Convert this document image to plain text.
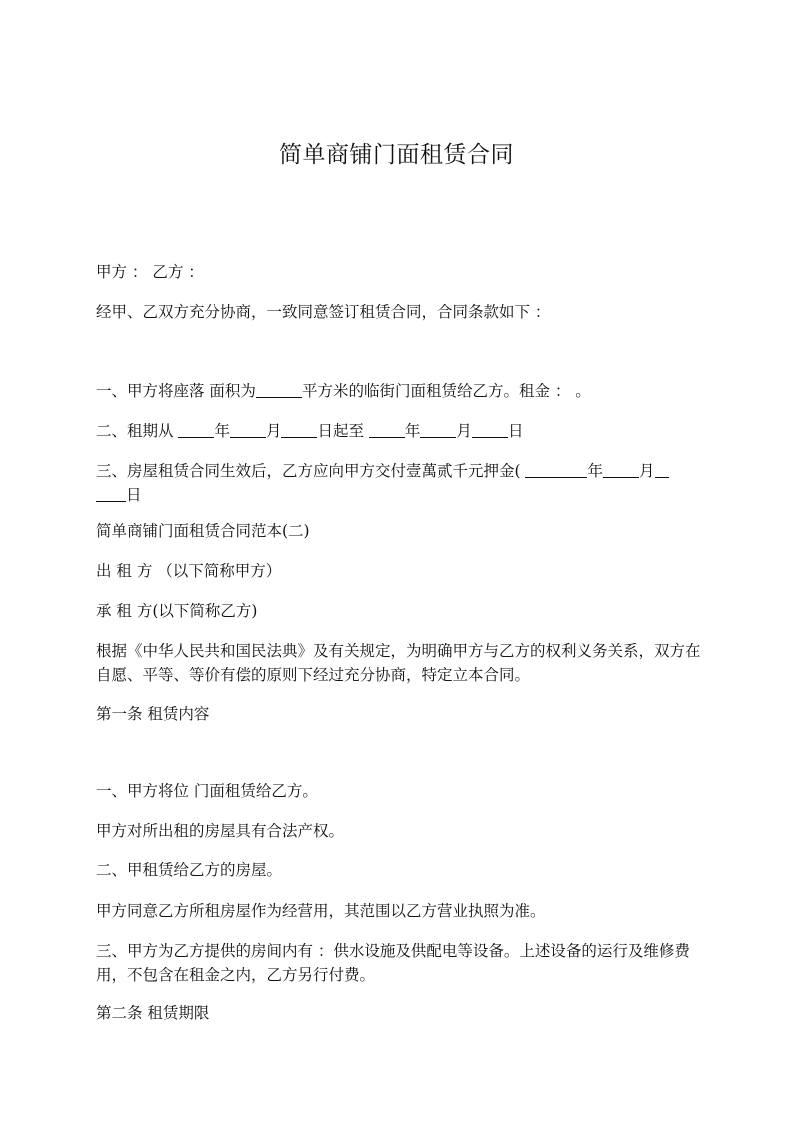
简单商铺门面租赁合同
甲方 ： 乙方 ：
经甲、乙双方充分协商，一致同意签订租赁合同，合同条款如下 ：
一、甲方将座落 面积为	平方米的临街门面租赁给乙方。租金 ： 。
二、租期从 年 月 日起至 年 月 日
三、房屋租赁合同生效后，乙方应向甲方交付壹萬贰千元押金(	年 月
日
简单商铺门面租赁合同范本(二)
出 租 方 （以下简称甲方）
承 租 方(以下简称乙方)
根据《中华人民共和国民法典》及有关规定，为明确甲方与乙方的权利义务关系，双方在自愿、平等、等价有偿的原则下经过充分协商，特定立本合同。
第一条 租赁内容
一、甲方将位 门面租赁给乙方。
甲方对所出租的房屋具有合法产权。
二、甲租赁给乙方的房屋。
甲方同意乙方所租房屋作为经营用，其范围以乙方营业执照为准。
三、甲方为乙方提供的房间内有 ：供水设施及供配电等设备。上述设备的运行及维修费用，不包含在租金之内，乙方另行付费。
第二条 租赁期限
